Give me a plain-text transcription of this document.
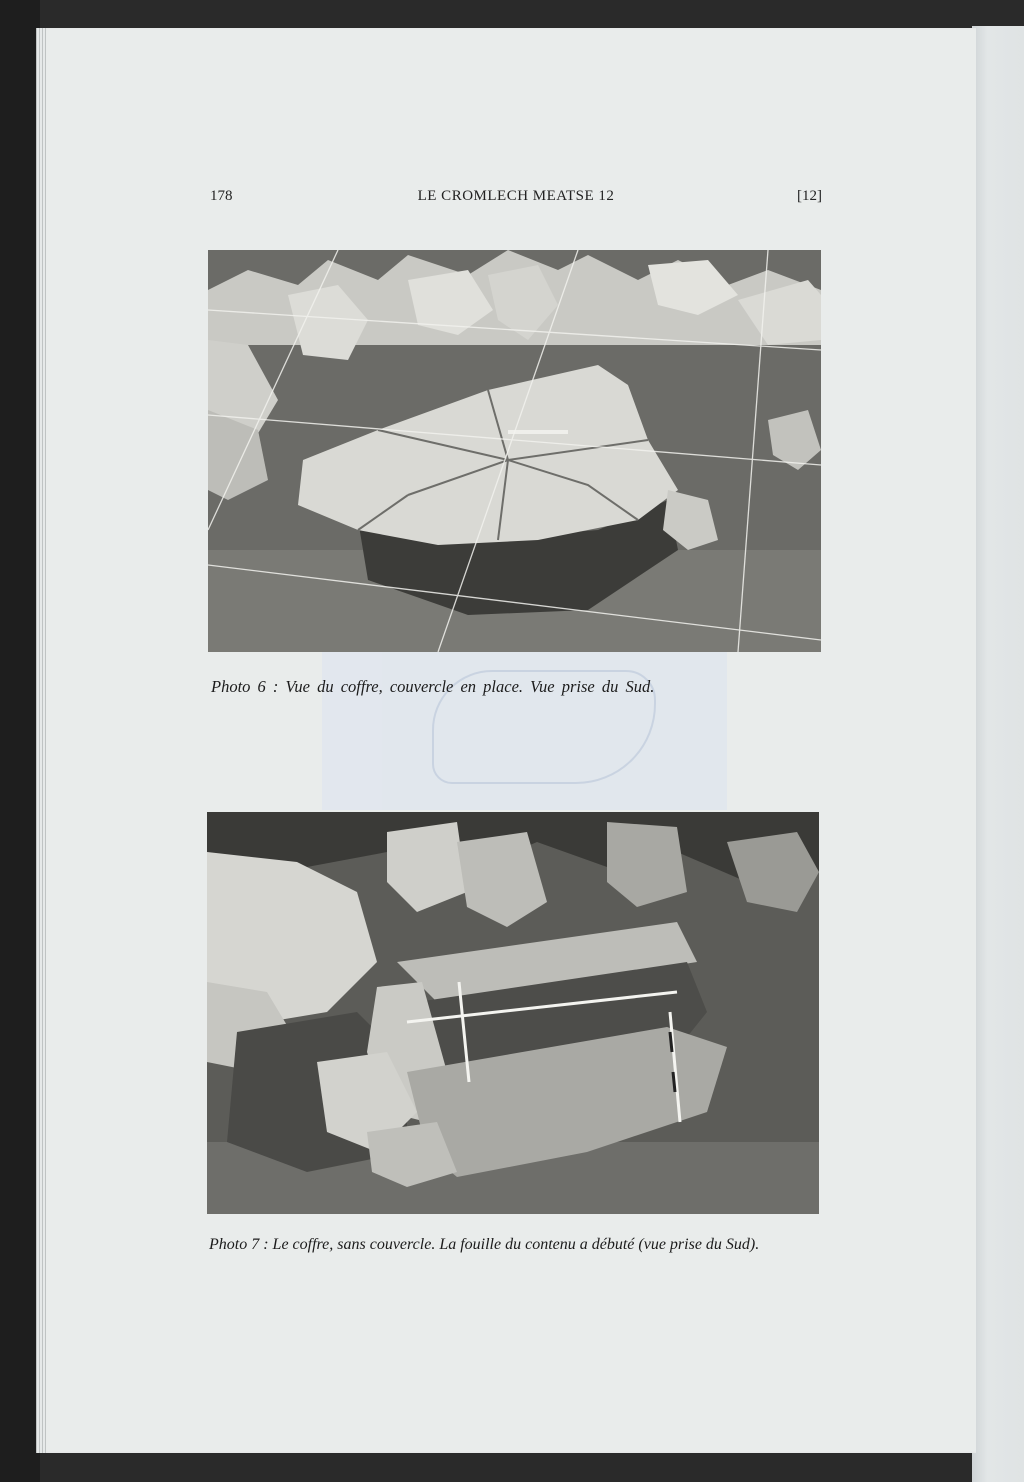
178	LE CROMLECH MEATSE 12	[12]
Photo 6 : Vue du coffre, couvercle en place. Vue prise du Sud.
Photo 7 : Le coffre, sans couvercle. La fouille du contenu a débuté (vue prise du Sud).
